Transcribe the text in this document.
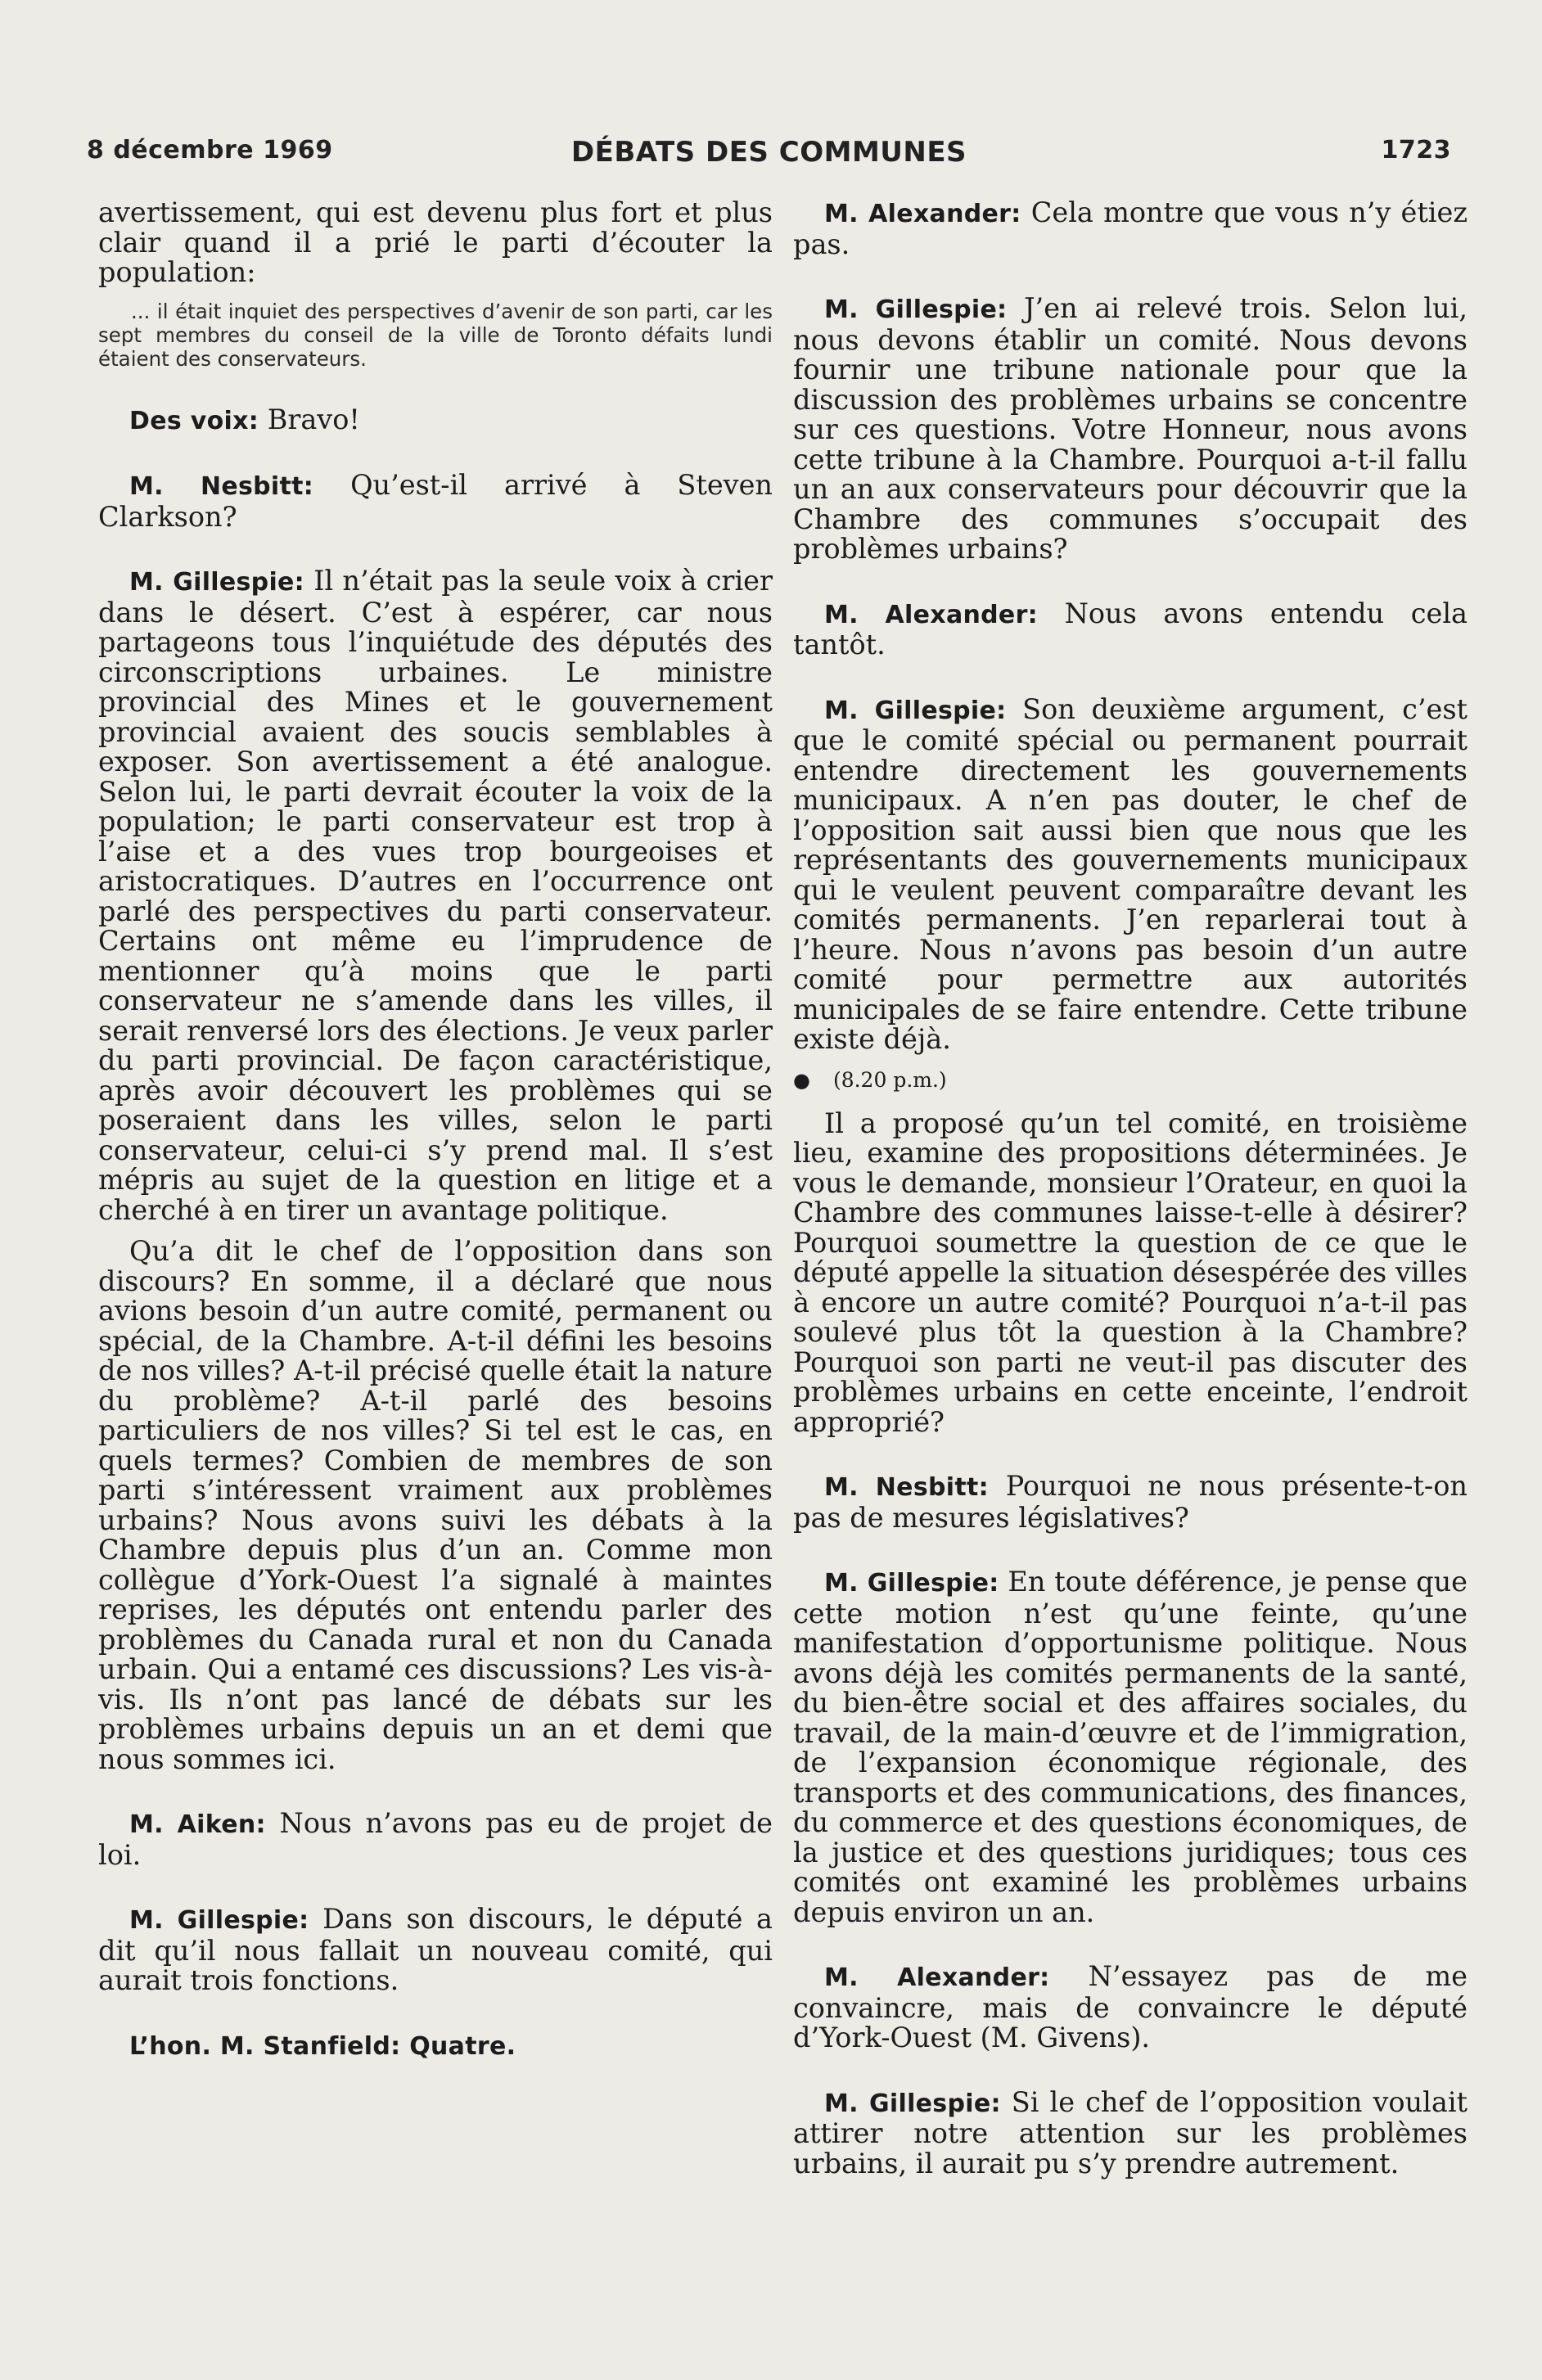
8 décembre 1969	DÉBATS DES COMMUNES	1723

avertissement, qui est devenu plus fort et plus clair quand il a prié le parti d’écouter la population:

... il était inquiet des perspectives d’avenir de son parti, car les sept membres du conseil de la ville de Toronto défaits lundi étaient des conservateurs.

Des voix: Bravo!

M. Nesbitt: Qu’est-il arrivé à Steven Clarkson?

M. Gillespie: Il n’était pas la seule voix à crier dans le désert. C’est à espérer, car nous partageons tous l’inquiétude des députés des circonscriptions urbaines. Le ministre provincial des Mines et le gouvernement provincial avaient des soucis semblables à exposer. Son avertissement a été analogue. Selon lui, le parti devrait écouter la voix de la population; le parti conservateur est trop à l’aise et a des vues trop bourgeoises et aristocratiques. D’autres en l’occurrence ont parlé des perspectives du parti conservateur. Certains ont même eu l’imprudence de mentionner qu’à moins que le parti conservateur ne s’amende dans les villes, il serait renversé lors des élections. Je veux parler du parti provincial. De façon caractéristique, après avoir découvert les problèmes qui se poseraient dans les villes, selon le parti conservateur, celui-ci s’y prend mal. Il s’est mépris au sujet de la question en litige et a cherché à en tirer un avantage politique.

Qu’a dit le chef de l’opposition dans son discours? En somme, il a déclaré que nous avions besoin d’un autre comité, permanent ou spécial, de la Chambre. A-t-il défini les besoins de nos villes? A-t-il précisé quelle était la nature du problème? A-t-il parlé des besoins particuliers de nos villes? Si tel est le cas, en quels termes? Combien de membres de son parti s’intéressent vraiment aux problèmes urbains? Nous avons suivi les débats à la Chambre depuis plus d’un an. Comme mon collègue d’York-Ouest l’a signalé à maintes reprises, les députés ont entendu parler des problèmes du Canada rural et non du Canada urbain. Qui a entamé ces discussions? Les vis-à-vis. Ils n’ont pas lancé de débats sur les problèmes urbains depuis un an et demi que nous sommes ici.

M. Aiken: Nous n’avons pas eu de projet de loi.

M. Gillespie: Dans son discours, le député a dit qu’il nous fallait un nouveau comité, qui aurait trois fonctions.

L’hon. M. Stanfield: Quatre.

M. Alexander: Cela montre que vous n’y étiez pas.

M. Gillespie: J’en ai relevé trois. Selon lui, nous devons établir un comité. Nous devons fournir une tribune nationale pour que la discussion des problèmes urbains se concentre sur ces questions. Votre Honneur, nous avons cette tribune à la Chambre. Pourquoi a-t-il fallu un an aux conservateurs pour découvrir que la Chambre des communes s’occupait des problèmes urbains?

M. Alexander: Nous avons entendu cela tantôt.

M. Gillespie: Son deuxième argument, c’est que le comité spécial ou permanent pourrait entendre directement les gouvernements municipaux. A n’en pas douter, le chef de l’opposition sait aussi bien que nous que les représentants des gouvernements municipaux qui le veulent peuvent comparaître devant les comités permanents. J’en reparlerai tout à l’heure. Nous n’avons pas besoin d’un autre comité pour permettre aux autorités municipales de se faire entendre. Cette tribune existe déjà.

● (8.20 p.m.)

Il a proposé qu’un tel comité, en troisième lieu, examine des propositions déterminées. Je vous le demande, monsieur l’Orateur, en quoi la Chambre des communes laisse-t-elle à désirer? Pourquoi soumettre la question de ce que le député appelle la situation désespérée des villes à encore un autre comité? Pourquoi n’a-t-il pas soulevé plus tôt la question à la Chambre? Pourquoi son parti ne veut-il pas discuter des problèmes urbains en cette enceinte, l’endroit approprié?

M. Nesbitt: Pourquoi ne nous présente-t-on pas de mesures législatives?

M. Gillespie: En toute déférence, je pense que cette motion n’est qu’une feinte, qu’une manifestation d’opportunisme politique. Nous avons déjà les comités permanents de la santé, du bien-être social et des affaires sociales, du travail, de la main-d’œuvre et de l’immigration, de l’expansion économique régionale, des transports et des communications, des finances, du commerce et des questions économiques, de la justice et des questions juridiques; tous ces comités ont examiné les problèmes urbains depuis environ un an.

M. Alexander: N’essayez pas de me convaincre, mais de convaincre le député d’York-Ouest (M. Givens).

M. Gillespie: Si le chef de l’opposition voulait attirer notre attention sur les problèmes urbains, il aurait pu s’y prendre autrement.
